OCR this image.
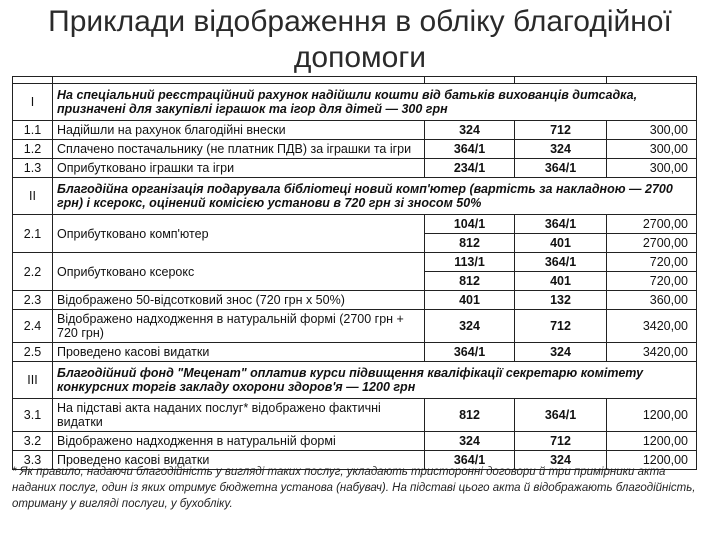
Приклади відображення в обліку благодійної допомоги

I	На спеціальний реєстраційний рахунок надійшли кошти від батьків вихованців дитсадка, призначені для закупівлі іграшок та ігор для дітей — 300 грн			
1.1	Надійшли на рахунок благодійні внески	324	712	300,00
1.2	Сплачено постачальнику (не платник ПДВ) за іграшки та ігри	364/1	324	300,00
1.3	Оприбутковано іграшки та ігри	234/1	364/1	300,00
II	Благодійна організація подарувала бібліотеці новий комп'ютер (вартість за накладною — 2700 грн) і ксерокс, оцінений комісією установи в 720 грн зі зносом 50%			
2.1	Оприбутковано комп'ютер	104/1	364/1	2700,00
		812	401	2700,00
2.2	Оприбутковано ксерокс	113/1	364/1	720,00
		812	401	720,00
2.3	Відображено 50-відсотковий знос (720 грн х 50%)	401	132	360,00
2.4	Відображено надходження в натуральній формі (2700 грн + 720 грн)	324	712	3420,00
2.5	Проведено касові видатки	364/1	324	3420,00
III	Благодійний фонд "Меценат" оплатив курси підвищення кваліфікації секретарю комітету конкурсних торгів закладу охорони здоров'я — 1200 грн			
3.1	На підставі акта наданих послуг* відображено фактичні видатки	812	364/1	1200,00
3.2	Відображено надходження в натуральній формі	324	712	1200,00
3.3	Проведено касові видатки	364/1	324	1200,00
* Як правило, надаючи благодійність у вигляді таких послуг, укладають тристоронні договори й три примірники акта наданих послуг, один із яких отримує бюджетна установа (набувач). На підставі цього акта й відображають благодійність, отриману у вигляді послуги, у бухобліку.
